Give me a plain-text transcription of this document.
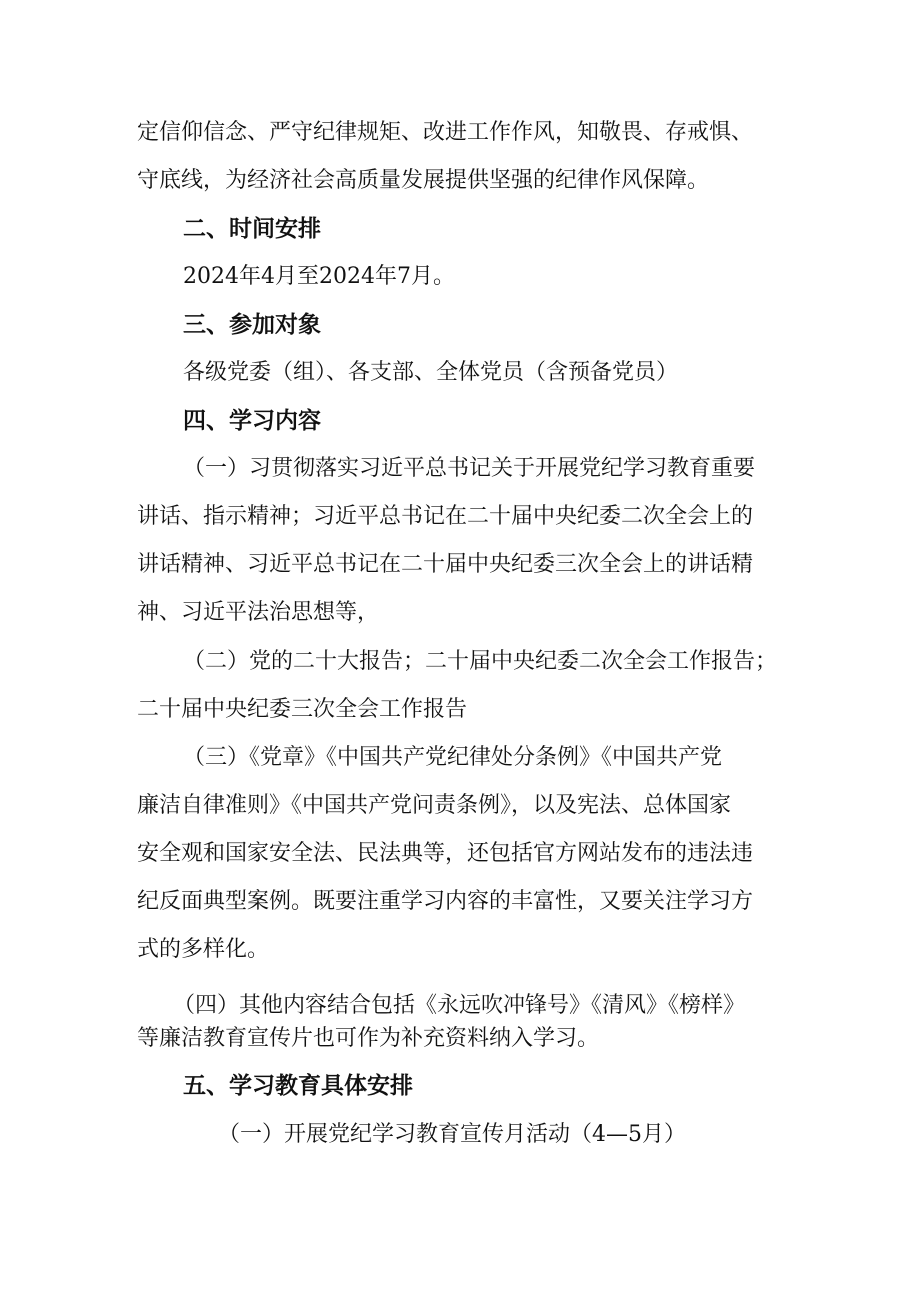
定信仰信念、严守纪律规矩、改进工作作风，知敬畏、存戒惧、
守底线，为经济社会高质量发展提供坚强的纪律作风保障。
二、时间安排
2024年4月至2024年7月。
三、参加对象
各级党委（组）、各支部、全体党员（含预备党员）
四、学习内容
（一）习贯彻落实习近平总书记关于开展党纪学习教育重要
讲话、指示精神；习近平总书记在二十届中央纪委二次全会上的
讲话精神、习近平总书记在二十届中央纪委三次全会上的讲话精
神、习近平法治思想等，
（二）党的二十大报告；二十届中央纪委二次全会工作报告；
二十届中央纪委三次全会工作报告
（三）《党章》《中国共产党纪律处分条例》《中国共产党
廉洁自律准则》《中国共产党问责条例》，以及宪法、总体国家
安全观和国家安全法、民法典等，还包括官方网站发布的违法违
纪反面典型案例。既要注重学习内容的丰富性，又要关注学习方
式的多样化。
（四）其他内容结合包括《永远吹冲锋号》《清风》《榜样》
等廉洁教育宣传片也可作为补充资料纳入学习。
五、学习教育具体安排
（一）开展党纪学习教育宣传月活动（4—5月）
